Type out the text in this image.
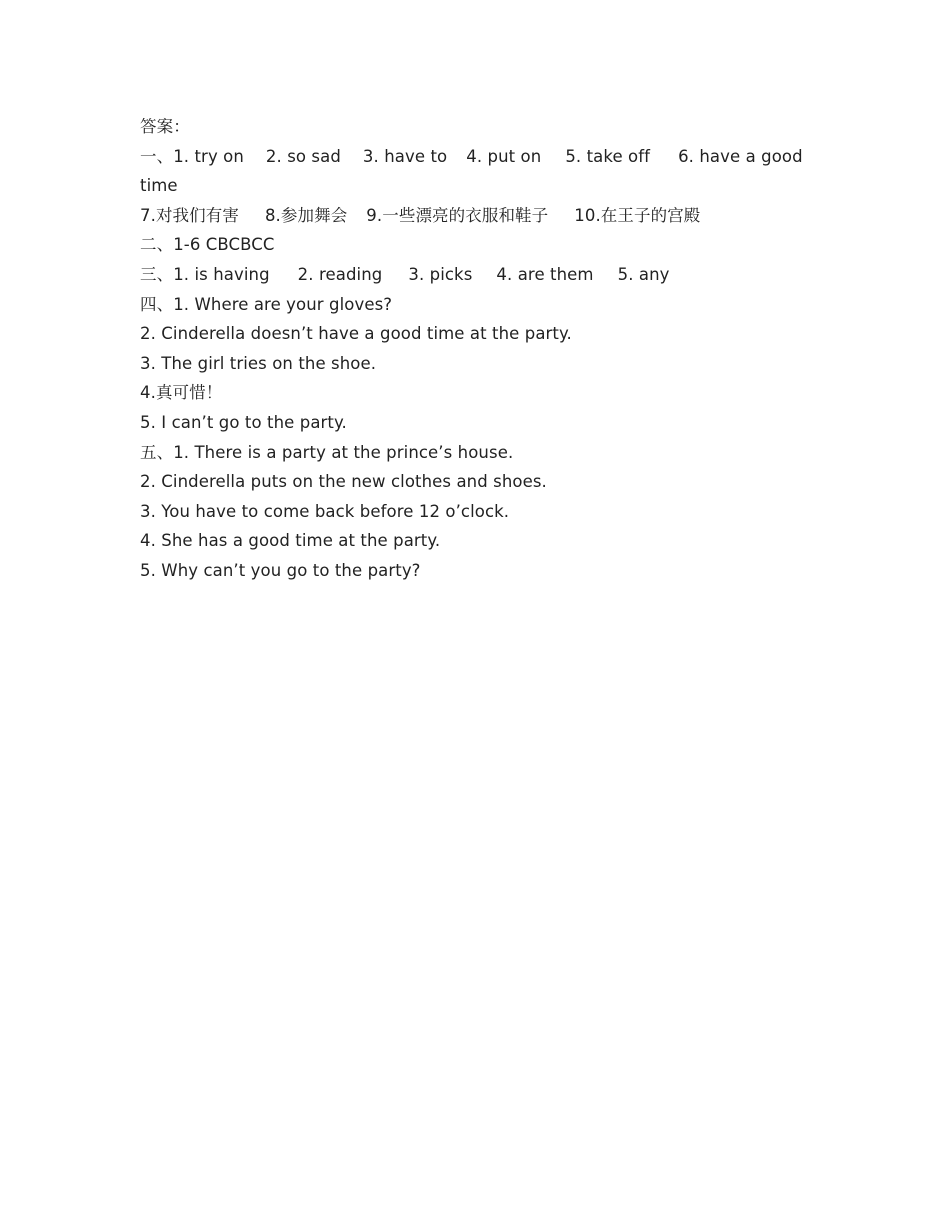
答案：
一、1. try on 2. so sad 3. have to 4. put on 5. take off 6. have a good
time
7.对我们有害 8.参加舞会 9.一些漂亮的衣服和鞋子 10.在王子的宫殿
二、1-6 CBCBCC
三、1. is having 2. reading 3. picks 4. are them 5. any
四、1. Where are your gloves?
2. Cinderella doesn’t have a good time at the party.
3. The girl tries on the shoe.
4.真可惜！
5. I can’t go to the party.
五、1. There is a party at the prince’s house.
2. Cinderella puts on the new clothes and shoes.
3. You have to come back before 12 o’clock.
4. She has a good time at the party.
5. Why can’t you go to the party?
